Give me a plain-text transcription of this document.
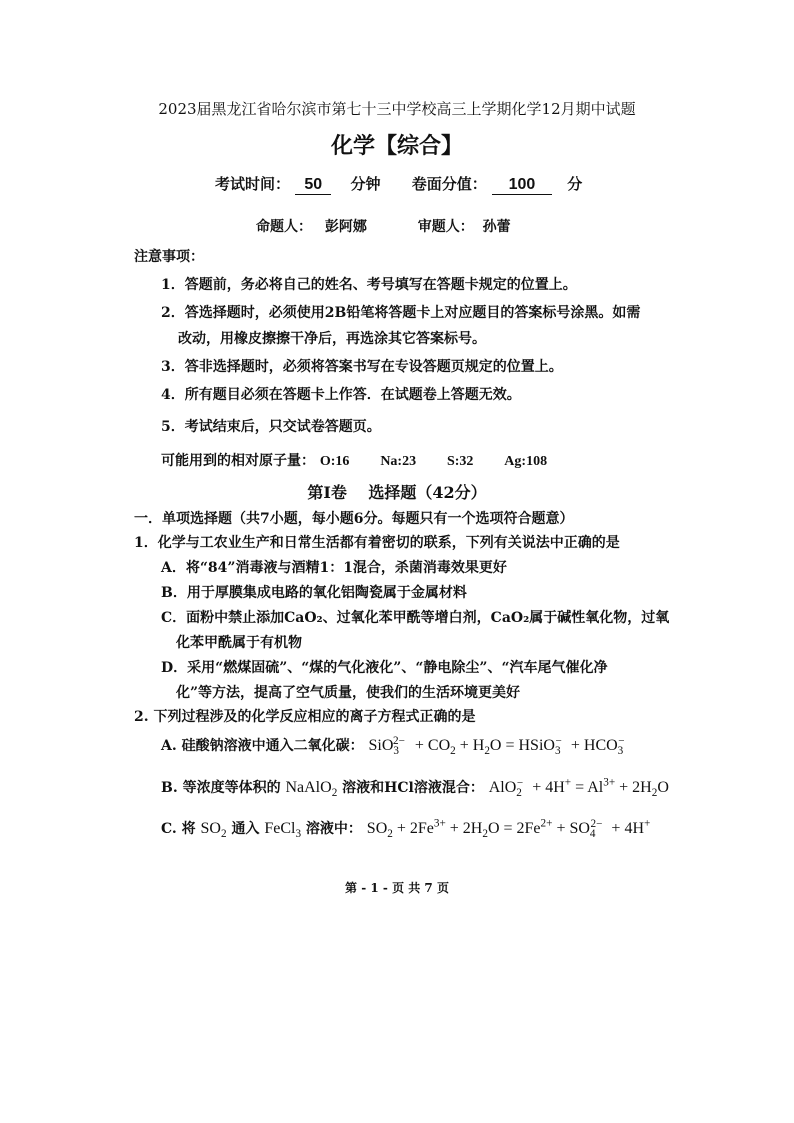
2023届黑龙江省哈尔滨市第七十三中学校高三上学期化学12月期中试题
化学【综合】
考试时间： 50 分钟 卷面分值： 100 分
命题人： 彭阿娜	审题人： 孙蕾
注意事项：
1．答题前，务必将自己的姓名、考号填写在答题卡规定的位置上。
2．答选择题时，必须使用2B铅笔将答题卡上对应题目的答案标号涂黑。如需
改动，用橡皮擦擦干净后，再选涂其它答案标号。
3．答非选择题时，必须将答案书写在专设答题页规定的位置上。
4．所有题目必须在答题卡上作答．在试题卷上答题无效。
5．考试结束后，只交试卷答题页。
可能用到的相对原子量： O:16 Na:23 S:32 Ag:108
第Ⅰ卷　 选择题（42分）
一．单项选择题（共7小题，每小题6分。每题只有一个选项符合题意）
1．化学与工农业生产和日常生活都有着密切的联系，下列有关说法中正确的是
A．将“84”消毒液与酒精1：1混合，杀菌消毒效果更好
B．用于厚膜集成电路的氧化铝陶瓷属于金属材料
C．面粉中禁止添加CaO₂、过氧化苯甲酰等增白剂，CaO₂属于碱性氧化物，过氧
化苯甲酰属于有机物
D．采用“燃煤固硫”、“煤的气化液化”、“静电除尘”、“汽车尾气催化净
化”等方法，提高了空气质量，使我们的生活环境更美好
2. 下列过程涉及的化学反应相应的离子方程式正确的是
A. 硅酸钠溶液中通入二氧化碳： $SiO_3^{2-} + CO_2 + H_2O$ = HSiO$_3$− + $HCO_3^-$
B. 等浓度等体积的 NaAlO$_2$ 溶液和HCl溶液混合： $AlO_2^- + 4H^+ = Al^{3+} + 2H_2O$
C. 将 $SO_2$ 通入 FeCl$_3$ 溶液中： $SO_2 + 2Fe^{3+} + 2H_2O = 2Fe^{2+} + SO_4^{2-} + 4H^+$
第 - 1 - 页 共 7 页
